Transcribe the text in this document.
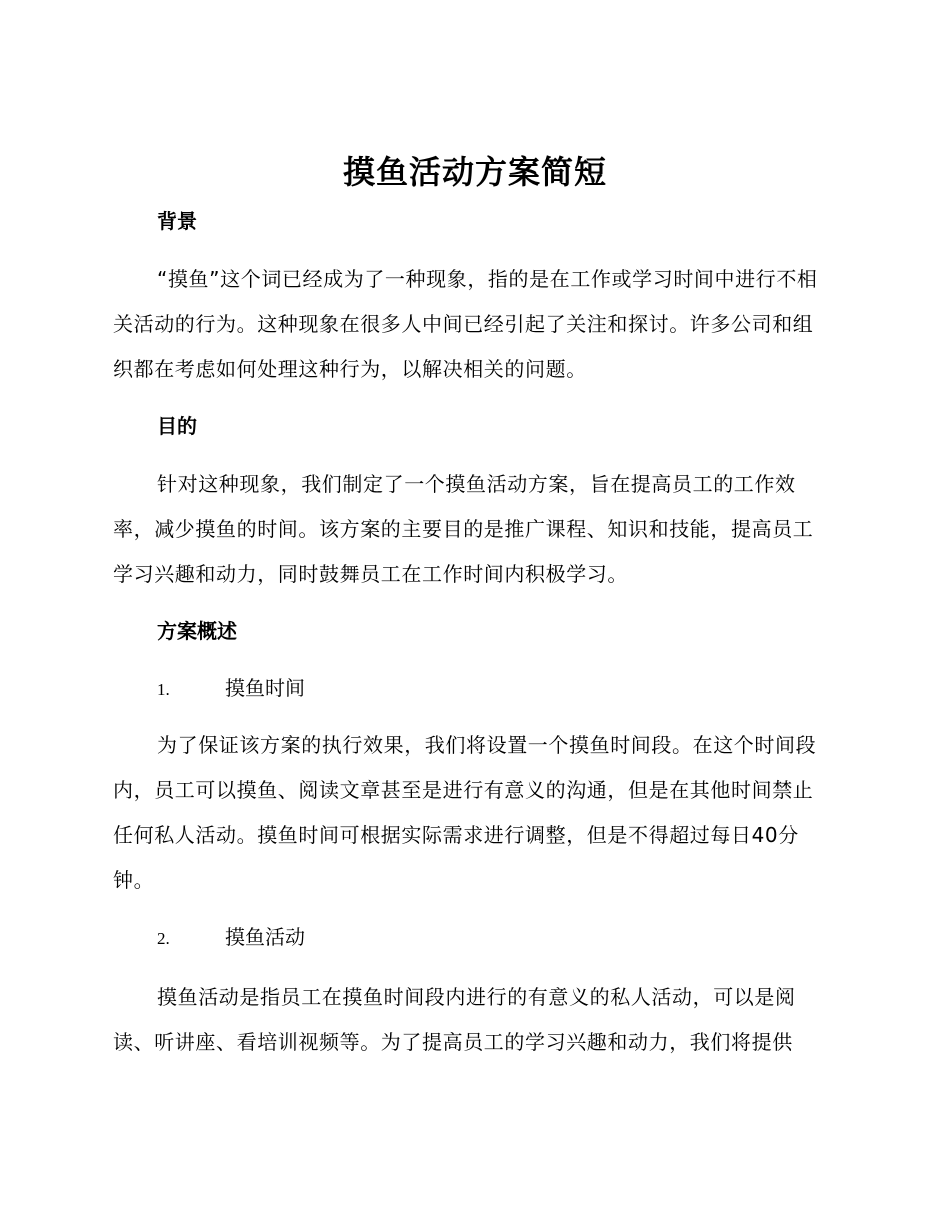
摸鱼活动方案简短
背景
“摸鱼”这个词已经成为了一种现象，指的是在工作或学习时间中进行不相关活动的行为。这种现象在很多人中间已经引起了关注和探讨。许多公司和组织都在考虑如何处理这种行为，以解决相关的问题。
目的
针对这种现象，我们制定了一个摸鱼活动方案，旨在提高员工的工作效率，减少摸鱼的时间。该方案的主要目的是推广课程、知识和技能，提高员工学习兴趣和动力，同时鼓舞员工在工作时间内积极学习。
方案概述
1.	摸鱼时间
为了保证该方案的执行效果，我们将设置一个摸鱼时间段。在这个时间段内，员工可以摸鱼、阅读文章甚至是进行有意义的沟通，但是在其他时间禁止任何私人活动。摸鱼时间可根据实际需求进行调整，但是不得超过每日40分钟。
2.	摸鱼活动
摸鱼活动是指员工在摸鱼时间段内进行的有意义的私人活动，可以是阅读、听讲座、看培训视频等。为了提高员工的学习兴趣和动力，我们将提供
